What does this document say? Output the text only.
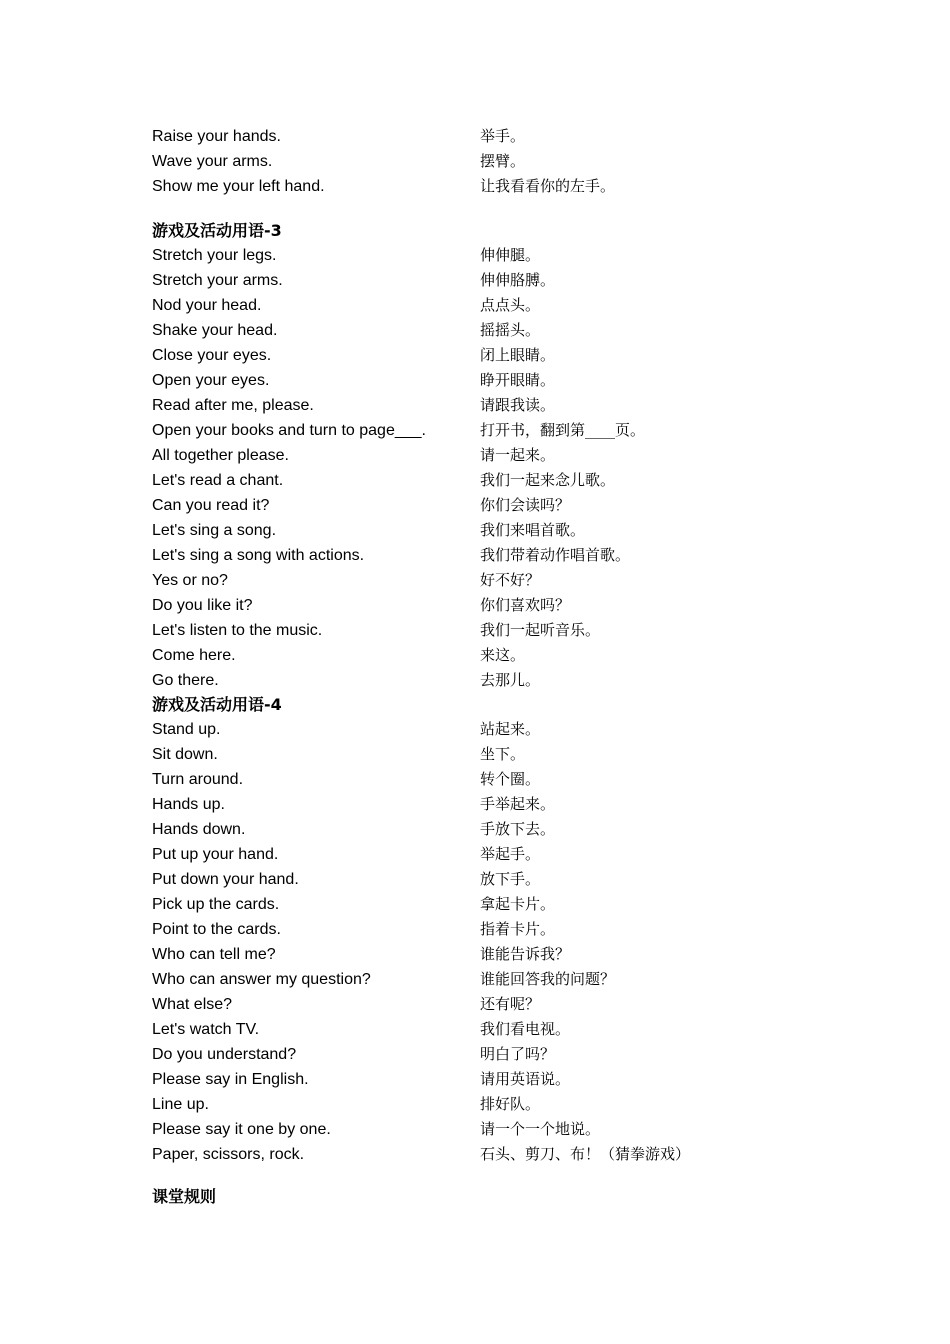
Raise your hands.	举手。
Wave your arms.	摆臂。
Show me your left hand.	让我看看你的左手。
游戏及活动用语-3
Stretch your legs.	伸伸腿。
Stretch your arms.	伸伸胳膊。
Nod your head.	点点头。
Shake your head.	摇摇头。
Close your eyes.	闭上眼睛。
Open your eyes.	睁开眼睛。
Read after me, please.	请跟我读。
Open your books and turn to page___.	打开书，翻到第____页。
All together please.	请一起来。
Let's read a chant.	我们一起来念儿歌。
Can you read it?	你们会读吗？
Let's sing a song.	我们来唱首歌。
Let's sing a song with actions.	我们带着动作唱首歌。
Yes or no?	好不好？
Do you like it?	你们喜欢吗？
Let's listen to the music.	我们一起听音乐。
Come here.	来这。
Go there.	去那儿。
游戏及活动用语-4
Stand up.	站起来。
Sit down.	坐下。
Turn around.	转个圈。
Hands up.	手举起来。
Hands down.	手放下去。
Put up your hand.	举起手。
Put down your hand.	放下手。
Pick up the cards.	拿起卡片。
Point to the cards.	指着卡片。
Who can tell me?	谁能告诉我？
Who can answer my question?	谁能回答我的问题？
What else?	还有呢？
Let's watch TV.	我们看电视。
Do you understand?	明白了吗？
Please say in English.	请用英语说。
Line up.	排好队。
Please say it one by one.	请一个一个地说。
Paper, scissors, rock.	石头、剪刀、布！（猜拳游戏）
课堂规则
